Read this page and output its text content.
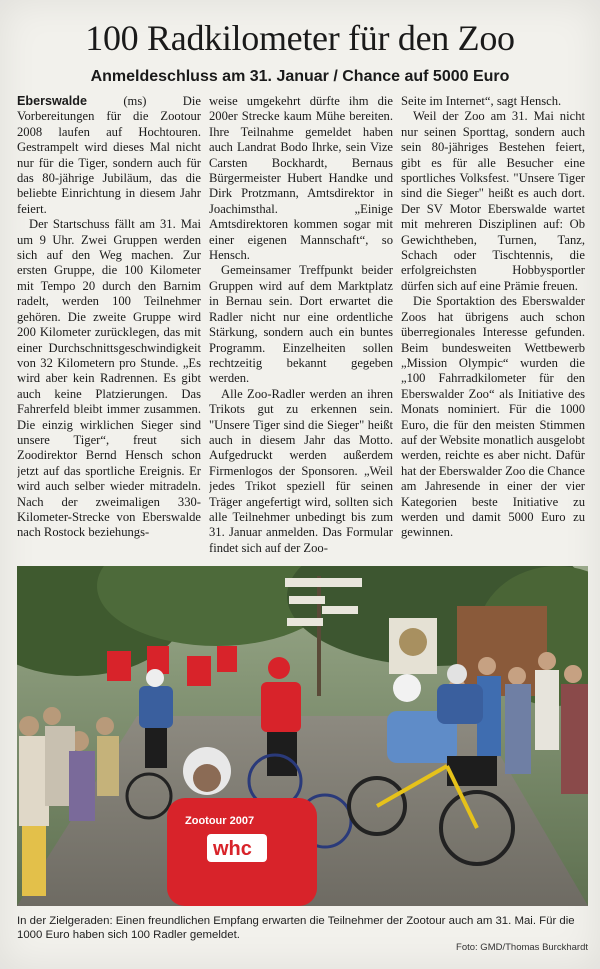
100 Radkilometer für den Zoo
Anmeldeschluss am 31. Januar / Chance auf 5000 Euro

Eberswalde (ms) Die Vorbereitungen für die Zootour 2008 laufen auf Hochtouren. Gestrampelt wird dieses Mal nicht nur für die Tiger, sondern auch für das 80-jährige Jubiläum, das die beliebte Einrichtung in diesem Jahr feiert.

Der Startschuss fällt am 31. Mai um 9 Uhr. Zwei Gruppen werden sich auf den Weg machen. Zur ersten Gruppe, die 100 Kilometer mit Tempo 20 durch den Barnim radelt, werden 100 Teilnehmer gehören. Die zweite Gruppe wird 200 Kilometer zurücklegen, das mit einer Durchschnittsgeschwindigkeit von 32 Kilometern pro Stunde. „Es wird aber kein Radrennen. Es gibt auch keine Platzierungen. Das Fahrerfeld bleibt immer zusammen. Die einzig wirklichen Sieger sind unsere Tiger“, freut sich Zoodirektor Bernd Hensch schon jetzt auf das sportliche Ereignis. Er wird auch selber wieder mitradeln. Nach der zweimaligen 330-Kilometer-Strecke von Eberswalde nach Rostock beziehungs-

weise umgekehrt dürfte ihm die 200er Strecke kaum Mühe bereiten. Ihre Teilnahme gemeldet haben auch Landrat Bodo Ihrke, sein Vize Carsten Bockhardt, Bernaus Bürgermeister Hubert Handke und Dirk Protzmann, Amtsdirektor in Joachimsthal. „Einige Amtsdirektoren kommen sogar mit einer eigenen Mannschaft“, so Hensch.

Gemeinsamer Treffpunkt beider Gruppen wird auf dem Marktplatz in Bernau sein. Dort erwartet die Radler nicht nur eine ordentliche Stärkung, sondern auch ein buntes Programm. Einzelheiten sollen rechtzeitig bekannt gegeben werden.

Alle Zoo-Radler werden an ihren Trikots gut zu erkennen sein. "Unsere Tiger sind die Sieger" heißt auch in diesem Jahr das Motto. Aufgedruckt werden außerdem Firmenlogos der Sponsoren. „Weil jedes Trikot speziell für seinen Träger angefertigt wird, sollten sich alle Teilnehmer unbedingt bis zum 31. Januar anmelden. Das Formular findet sich auf der Zoo-

Seite im Internet“, sagt Hensch.

Weil der Zoo am 31. Mai nicht nur seinen Sporttag, sondern auch sein 80-jähriges Bestehen feiert, gibt es für alle Besucher eine sportliches Volksfest. "Unsere Tiger sind die Sieger" heißt es auch dort. Der SV Motor Eberswalde wartet mit mehreren Disziplinen auf: Ob Gewichtheben, Turnen, Tanz, Schach oder Tischtennis, die erfolgreichsten Hobbysportler dürfen sich auf eine Prämie freuen.

Die Sportaktion des Eberswalder Zoos hat übrigens auch schon überregionales Interesse gefunden. Beim bundesweiten Wettbewerb „Mission Olympic“ wurden die „100 Fahrradkilometer für den Eberswalder Zoo“ als Initiative des Monats nominiert. Für die 1000 Euro, die für den meisten Stimmen auf der Website monatlich ausgelobt werden, reichte es aber nicht. Dafür hat der Eberswalder Zoo die Chance am Jahresende in einer der vier Kategorien beste Initiative zu werden und damit 5000 Euro zu gewinnen.

Zootour 2007
whc
In der Zielgeraden: Einen freundlichen Empfang erwarten die Teilnehmer der Zootour auch am 31. Mai. Für die 1000 Euro haben sich 100 Radler gemeldet.
Foto: GMD/Thomas Burckhardt
